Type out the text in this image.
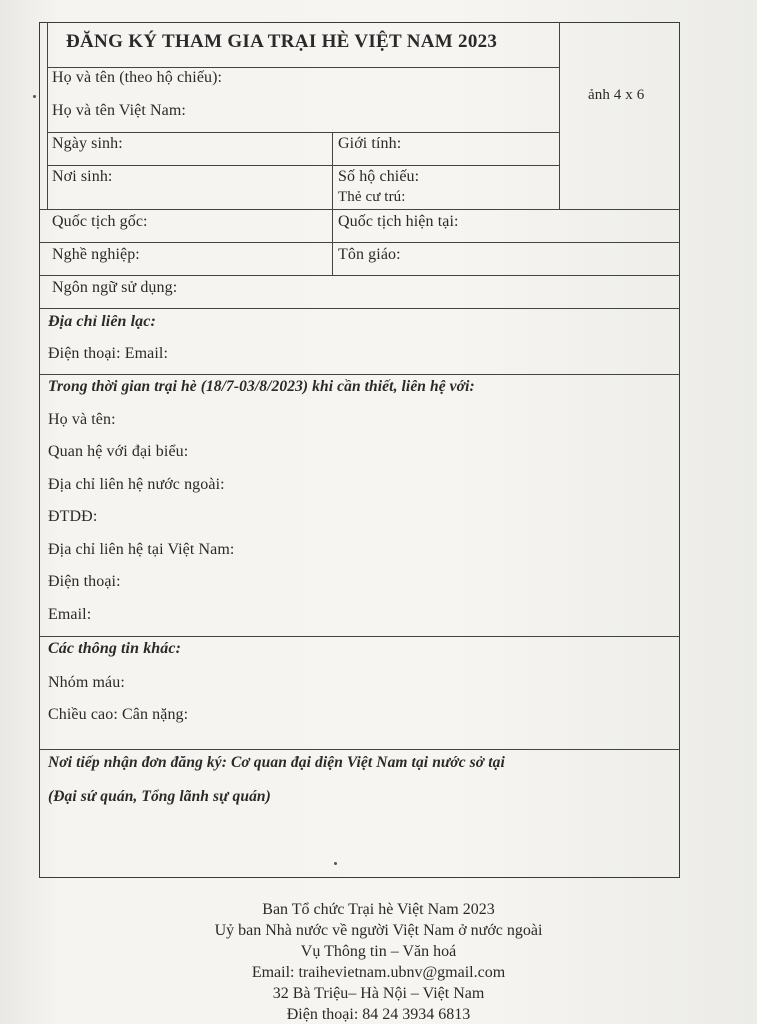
ĐĂNG KÝ THAM GIA TRẠI HÈ VIỆT NAM 2023
ảnh 4 x 6
Họ và tên (theo hộ chiếu):
Họ và tên Việt Nam:
Ngày sinh:	Giới tính:
Nơi sinh:	Số hộ chiếu:
Thẻ cư trú:
Quốc tịch gốc:	Quốc tịch hiện tại:
Nghề nghiệp:	Tôn giáo:
Ngôn ngữ sử dụng:
Địa chỉ liên lạc:
Điện thoại: Email:
Trong thời gian trại hè (18/7-03/8/2023) khi cần thiết, liên hệ với:
Họ và tên:
Quan hệ với đại biểu:
Địa chỉ liên hệ nước ngoài:
ĐTDĐ:
Địa chỉ liên hệ tại Việt Nam:
Điện thoại:
Email:
Các thông tin khác:
Nhóm máu:
Chiều cao: Cân nặng:
Nơi tiếp nhận đơn đăng ký: Cơ quan đại diện Việt Nam tại nước sở tại
(Đại sứ quán, Tổng lãnh sự quán)
Ban Tổ chức Trại hè Việt Nam 2023
Uỷ ban Nhà nước về người Việt Nam ở nước ngoài
Vụ Thông tin – Văn hoá
Email: traihevietnam.ubnv@gmail.com
32 Bà Triệu– Hà Nội – Việt Nam
Điện thoại: 84 24 3934 6813
